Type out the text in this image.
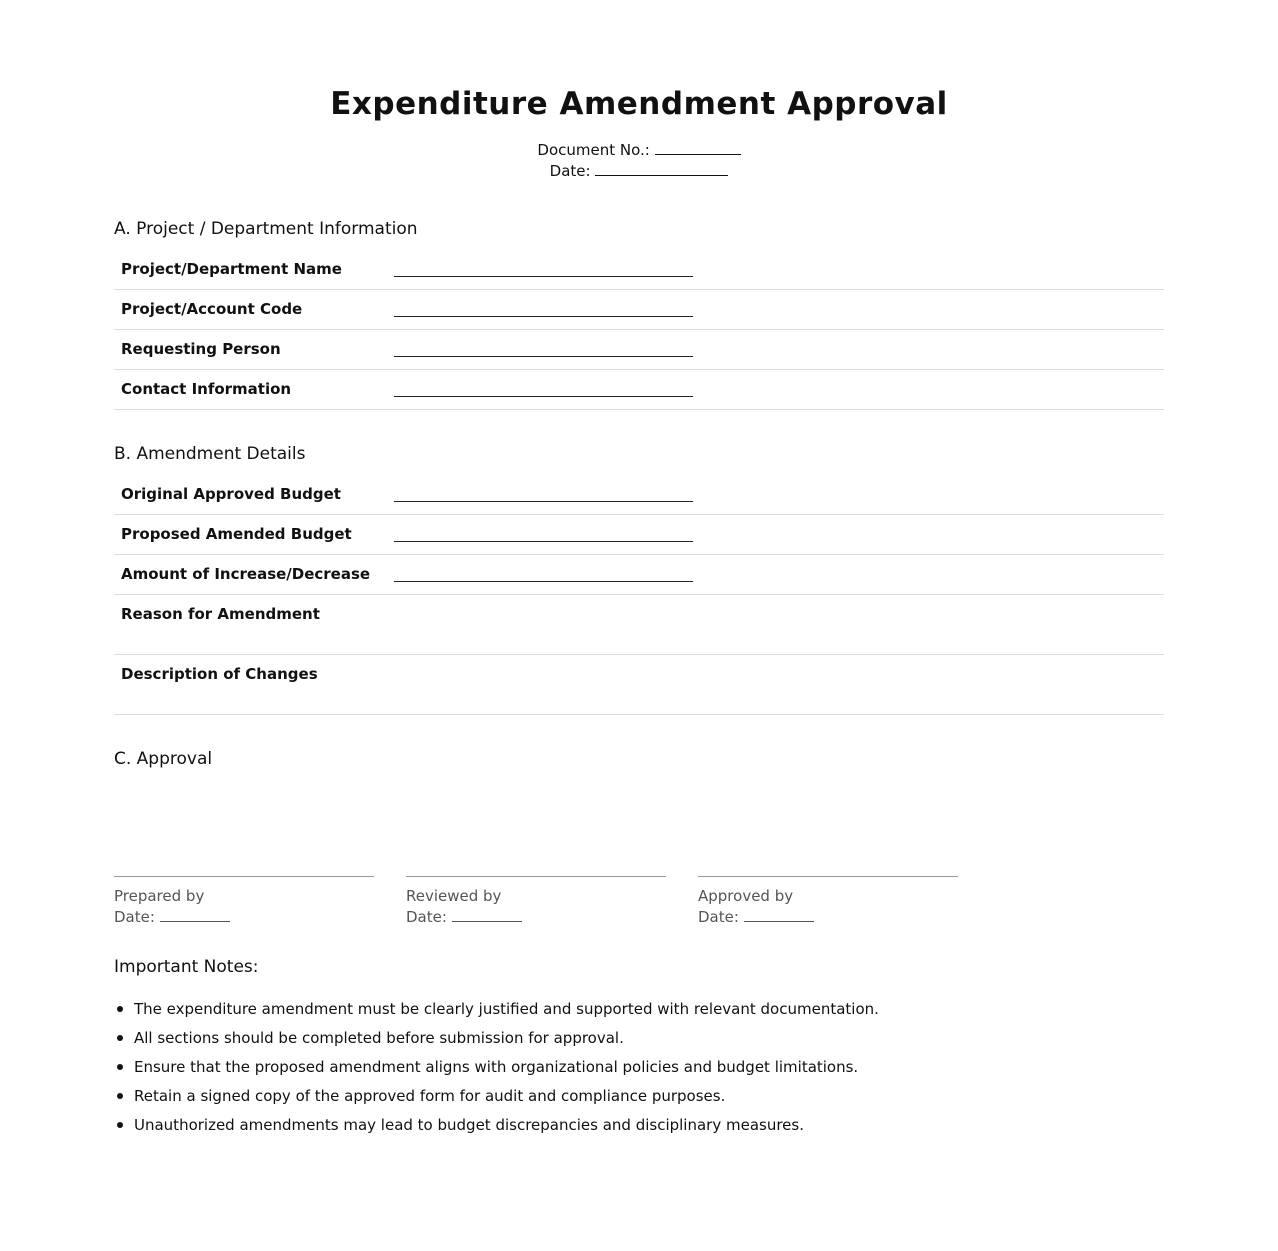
Expenditure Amendment Approval
Document No.:
Date:
A. Project / Department Information
Project/Department Name
Project/Account Code
Requesting Person
Contact Information
B. Amendment Details
Original Approved Budget
Proposed Amended Budget
Amount of Increase/Decrease
Reason for Amendment
Description of Changes
C. Approval
Prepared by
Date:
Reviewed by
Date:
Approved by
Date:
Important Notes:
The expenditure amendment must be clearly justified and supported with relevant documentation.
All sections should be completed before submission for approval.
Ensure that the proposed amendment aligns with organizational policies and budget limitations.
Retain a signed copy of the approved form for audit and compliance purposes.
Unauthorized amendments may lead to budget discrepancies and disciplinary measures.
